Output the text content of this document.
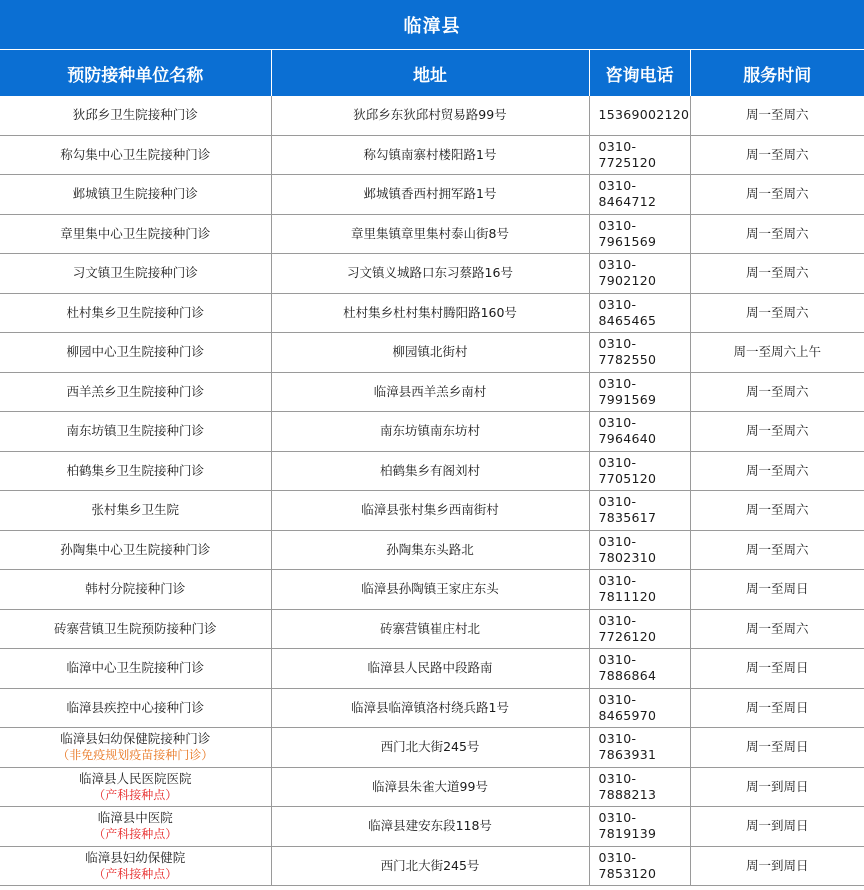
临漳县
预防接种单位名称	地址	咨询电话	服务时间

狄邱乡卫生院接种门诊	狄邱乡东狄邱村贸易路99号	15369002120	周一至周六

称勾集中心卫生院接种门诊	称勾镇南寨村楼阳路1号	0310-7725120	周一至周六

邺城镇卫生院接种门诊	邺城镇香西村拥军路1号	0310-8464712	周一至周六

章里集中心卫生院接种门诊	章里集镇章里集村泰山街8号	0310-7961569	周一至周六

习文镇卫生院接种门诊	习文镇义城路口东习蔡路16号	0310-7902120	周一至周六

杜村集乡卫生院接种门诊	杜村集乡杜村集村腾阳路160号	0310-8465465	周一至周六

柳园中心卫生院接种门诊	柳园镇北街村	0310-7782550	周一至周六上午

西羊羔乡卫生院接种门诊	临漳县西羊羔乡南村	0310-7991569	周一至周六

南东坊镇卫生院接种门诊	南东坊镇南东坊村	0310-7964640	周一至周六

柏鹤集乡卫生院接种门诊	柏鹤集乡有阁刘村	0310-7705120	周一至周六

张村集乡卫生院	临漳县张村集乡西南街村	0310-7835617	周一至周六

孙陶集中心卫生院接种门诊	孙陶集东头路北	0310-7802310	周一至周六

韩村分院接种门诊	临漳县孙陶镇王家庄东头	0310-7811120	周一至周日

砖寨营镇卫生院预防接种门诊	砖寨营镇崔庄村北	0310-7726120	周一至周六

临漳中心卫生院接种门诊	临漳县人民路中段路南	0310-7886864	周一至周日

临漳县疾控中心接种门诊	临漳县临漳镇洛村绕兵路1号	0310-8465970	周一至周日

临漳县妇幼保健院接种门诊
（非免疫规划疫苗接种门诊）	西门北大街245号	0310-7863931	周一至周日

临漳县人民医院医院
（产科接种点）	临漳县朱雀大道99号	0310-7888213	周一到周日

临漳县中医院
（产科接种点）	临漳县建安东段118号	0310-7819139	周一到周日

临漳县妇幼保健院
（产科接种点）	西门北大街245号	0310-7853120	周一到周日
